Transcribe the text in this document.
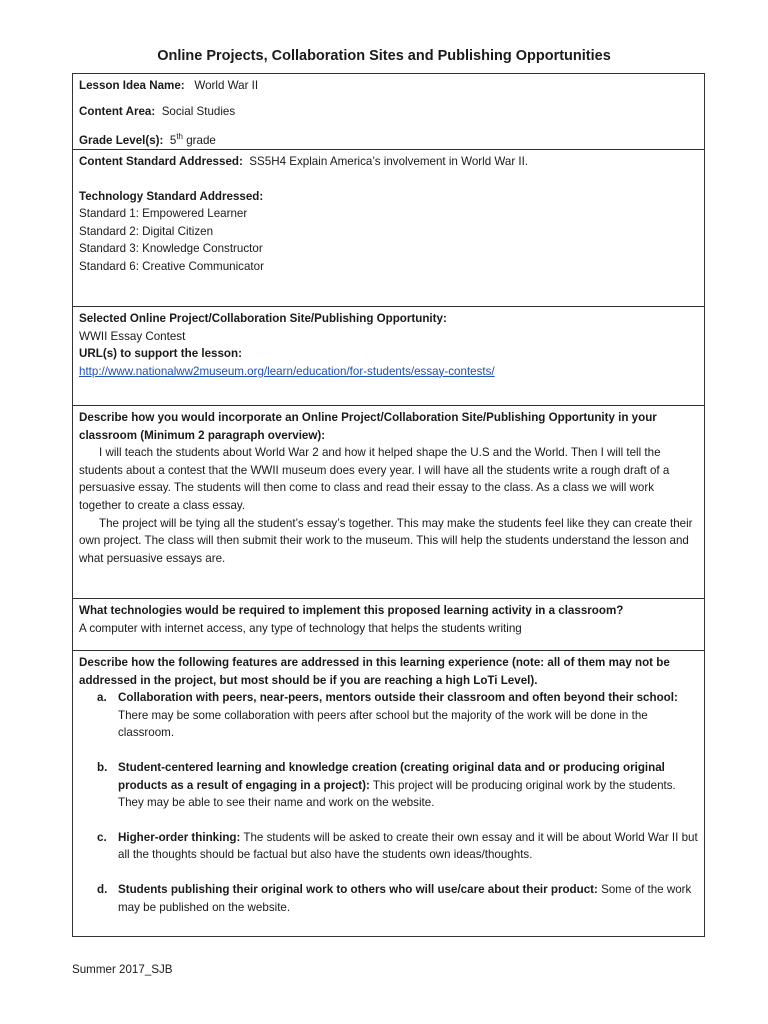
Online Projects, Collaboration Sites and Publishing Opportunities
Lesson Idea Name: World War II
Content Area: Social Studies
Grade Level(s): 5th grade
Content Standard Addressed: SS5H4 Explain America’s involvement in World War II.
Technology Standard Addressed:
Standard 1: Empowered Learner
Standard 2: Digital Citizen
Standard 3: Knowledge Constructor
Standard 6: Creative Communicator
Selected Online Project/Collaboration Site/Publishing Opportunity:
WWII Essay Contest
URL(s) to support the lesson:
http://www.nationalww2museum.org/learn/education/for-students/essay-contests/
Describe how you would incorporate an Online Project/Collaboration Site/Publishing Opportunity in your classroom (Minimum 2 paragraph overview):

I will teach the students about World War 2 and how it helped shape the U.S and the World. Then I will tell the students about a contest that the WWII museum does every year. I will have all the students write a rough draft of a persuasive essay. The students will then come to class and read their essay to the class. As a class we will work together to create a class essay.

The project will be tying all the student’s essay’s together. This may make the students feel like they can create their own project. The class will then submit their work to the museum. This will help the students understand the lesson and what persuasive essays are.

What technologies would be required to implement this proposed learning activity in a classroom?
A computer with internet access, any type of technology that helps the students writing
Describe how the following features are addressed in this learning experience (note: all of them may not be addressed in the project, but most should be if you are reaching a high LoTi Level).
a. Collaboration with peers, near-peers, mentors outside their classroom and often beyond their school: There may be some collaboration with peers after school but the majority of the work will be done in the classroom.
b. Student-centered learning and knowledge creation (creating original data and or producing original products as a result of engaging in a project): This project will be producing original work by the students. They may be able to see their name and work on the website.
c. Higher-order thinking: The students will be asked to create their own essay and it will be about World War II but all the thoughts should be factual but also have the students own ideas/thoughts.
d. Students publishing their original work to others who will use/care about their product: Some of the work may be published on the website.
Summer 2017_SJB
